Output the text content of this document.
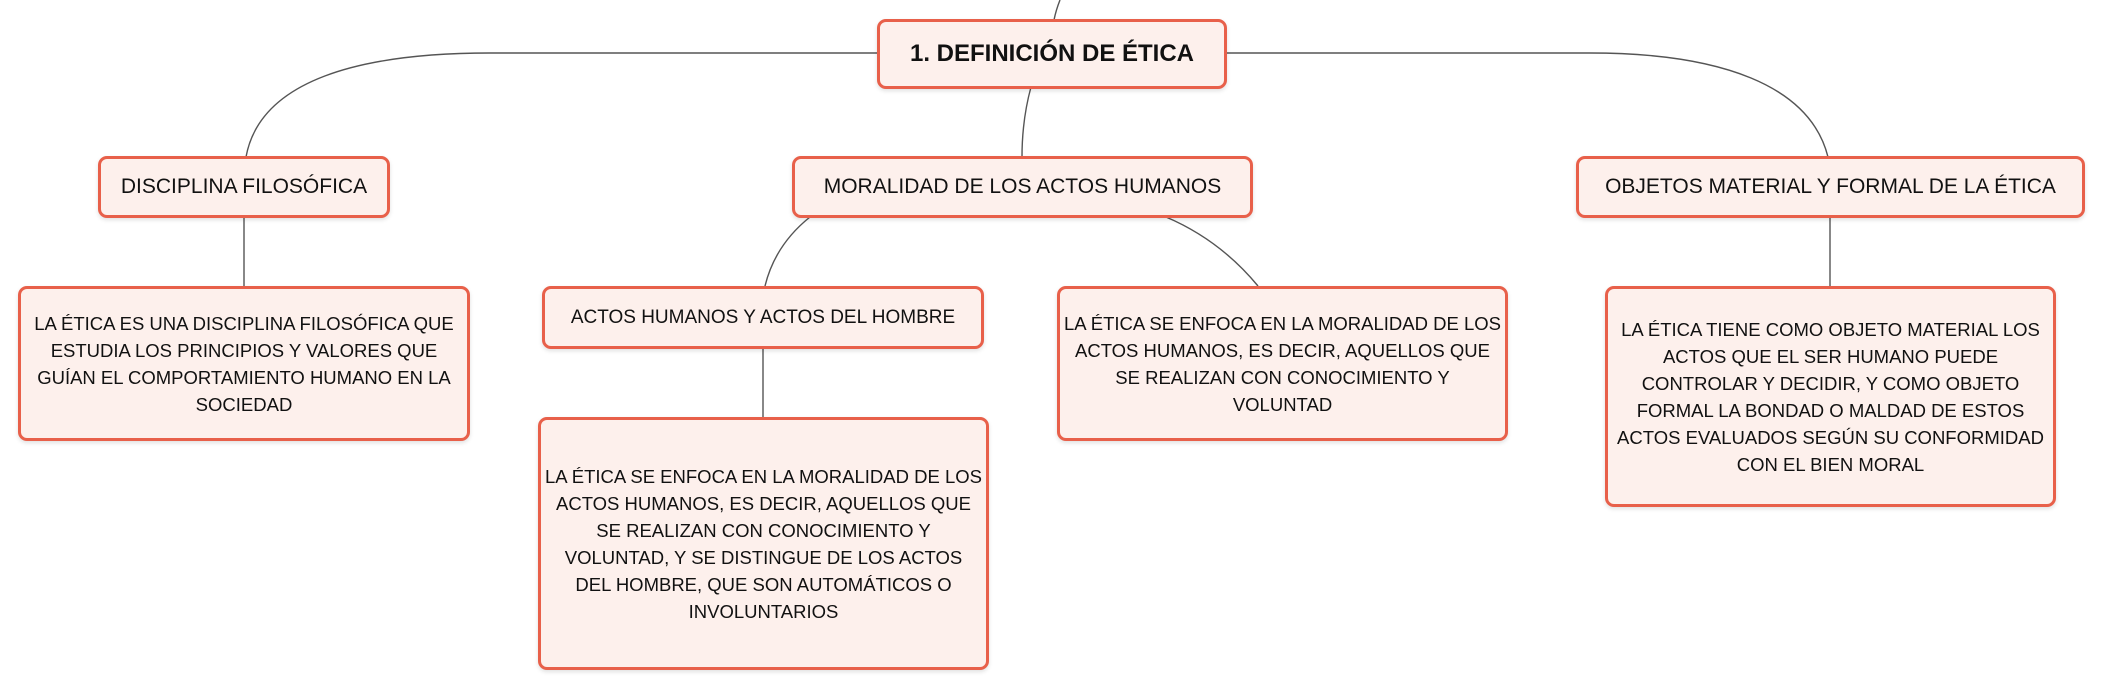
1. DEFINICIÓN DE ÉTICA
DISCIPLINA FILOSÓFICA	MORALIDAD DE LOS ACTOS HUMANOS	OBJETOS MATERIAL Y FORMAL DE LA ÉTICA
ACTOS HUMANOS Y ACTOS DEL HOMBRE
LA ÉTICA ES UNA DISCIPLINA FILOSÓFICA QUE ESTUDIA LOS PRINCIPIOS Y VALORES QUE GUÍAN EL COMPORTAMIENTO HUMANO EN LA SOCIEDAD
LA ÉTICA SE ENFOCA EN LA MORALIDAD DE LOS ACTOS HUMANOS, ES DECIR, AQUELLOS QUE SE REALIZAN CON CONOCIMIENTO Y VOLUNTAD
LA ÉTICA TIENE COMO OBJETO MATERIAL LOS ACTOS QUE EL SER HUMANO PUEDE CONTROLAR Y DECIDIR, Y COMO OBJETO FORMAL LA BONDAD O MALDAD DE ESTOS ACTOS EVALUADOS SEGÚN SU CONFORMIDAD CON EL BIEN MORAL
LA ÉTICA SE ENFOCA EN LA MORALIDAD DE LOS ACTOS HUMANOS, ES DECIR, AQUELLOS QUE SE REALIZAN CON CONOCIMIENTO Y VOLUNTAD, Y SE DISTINGUE DE LOS ACTOS DEL HOMBRE, QUE SON AUTOMÁTICOS O INVOLUNTARIOS
